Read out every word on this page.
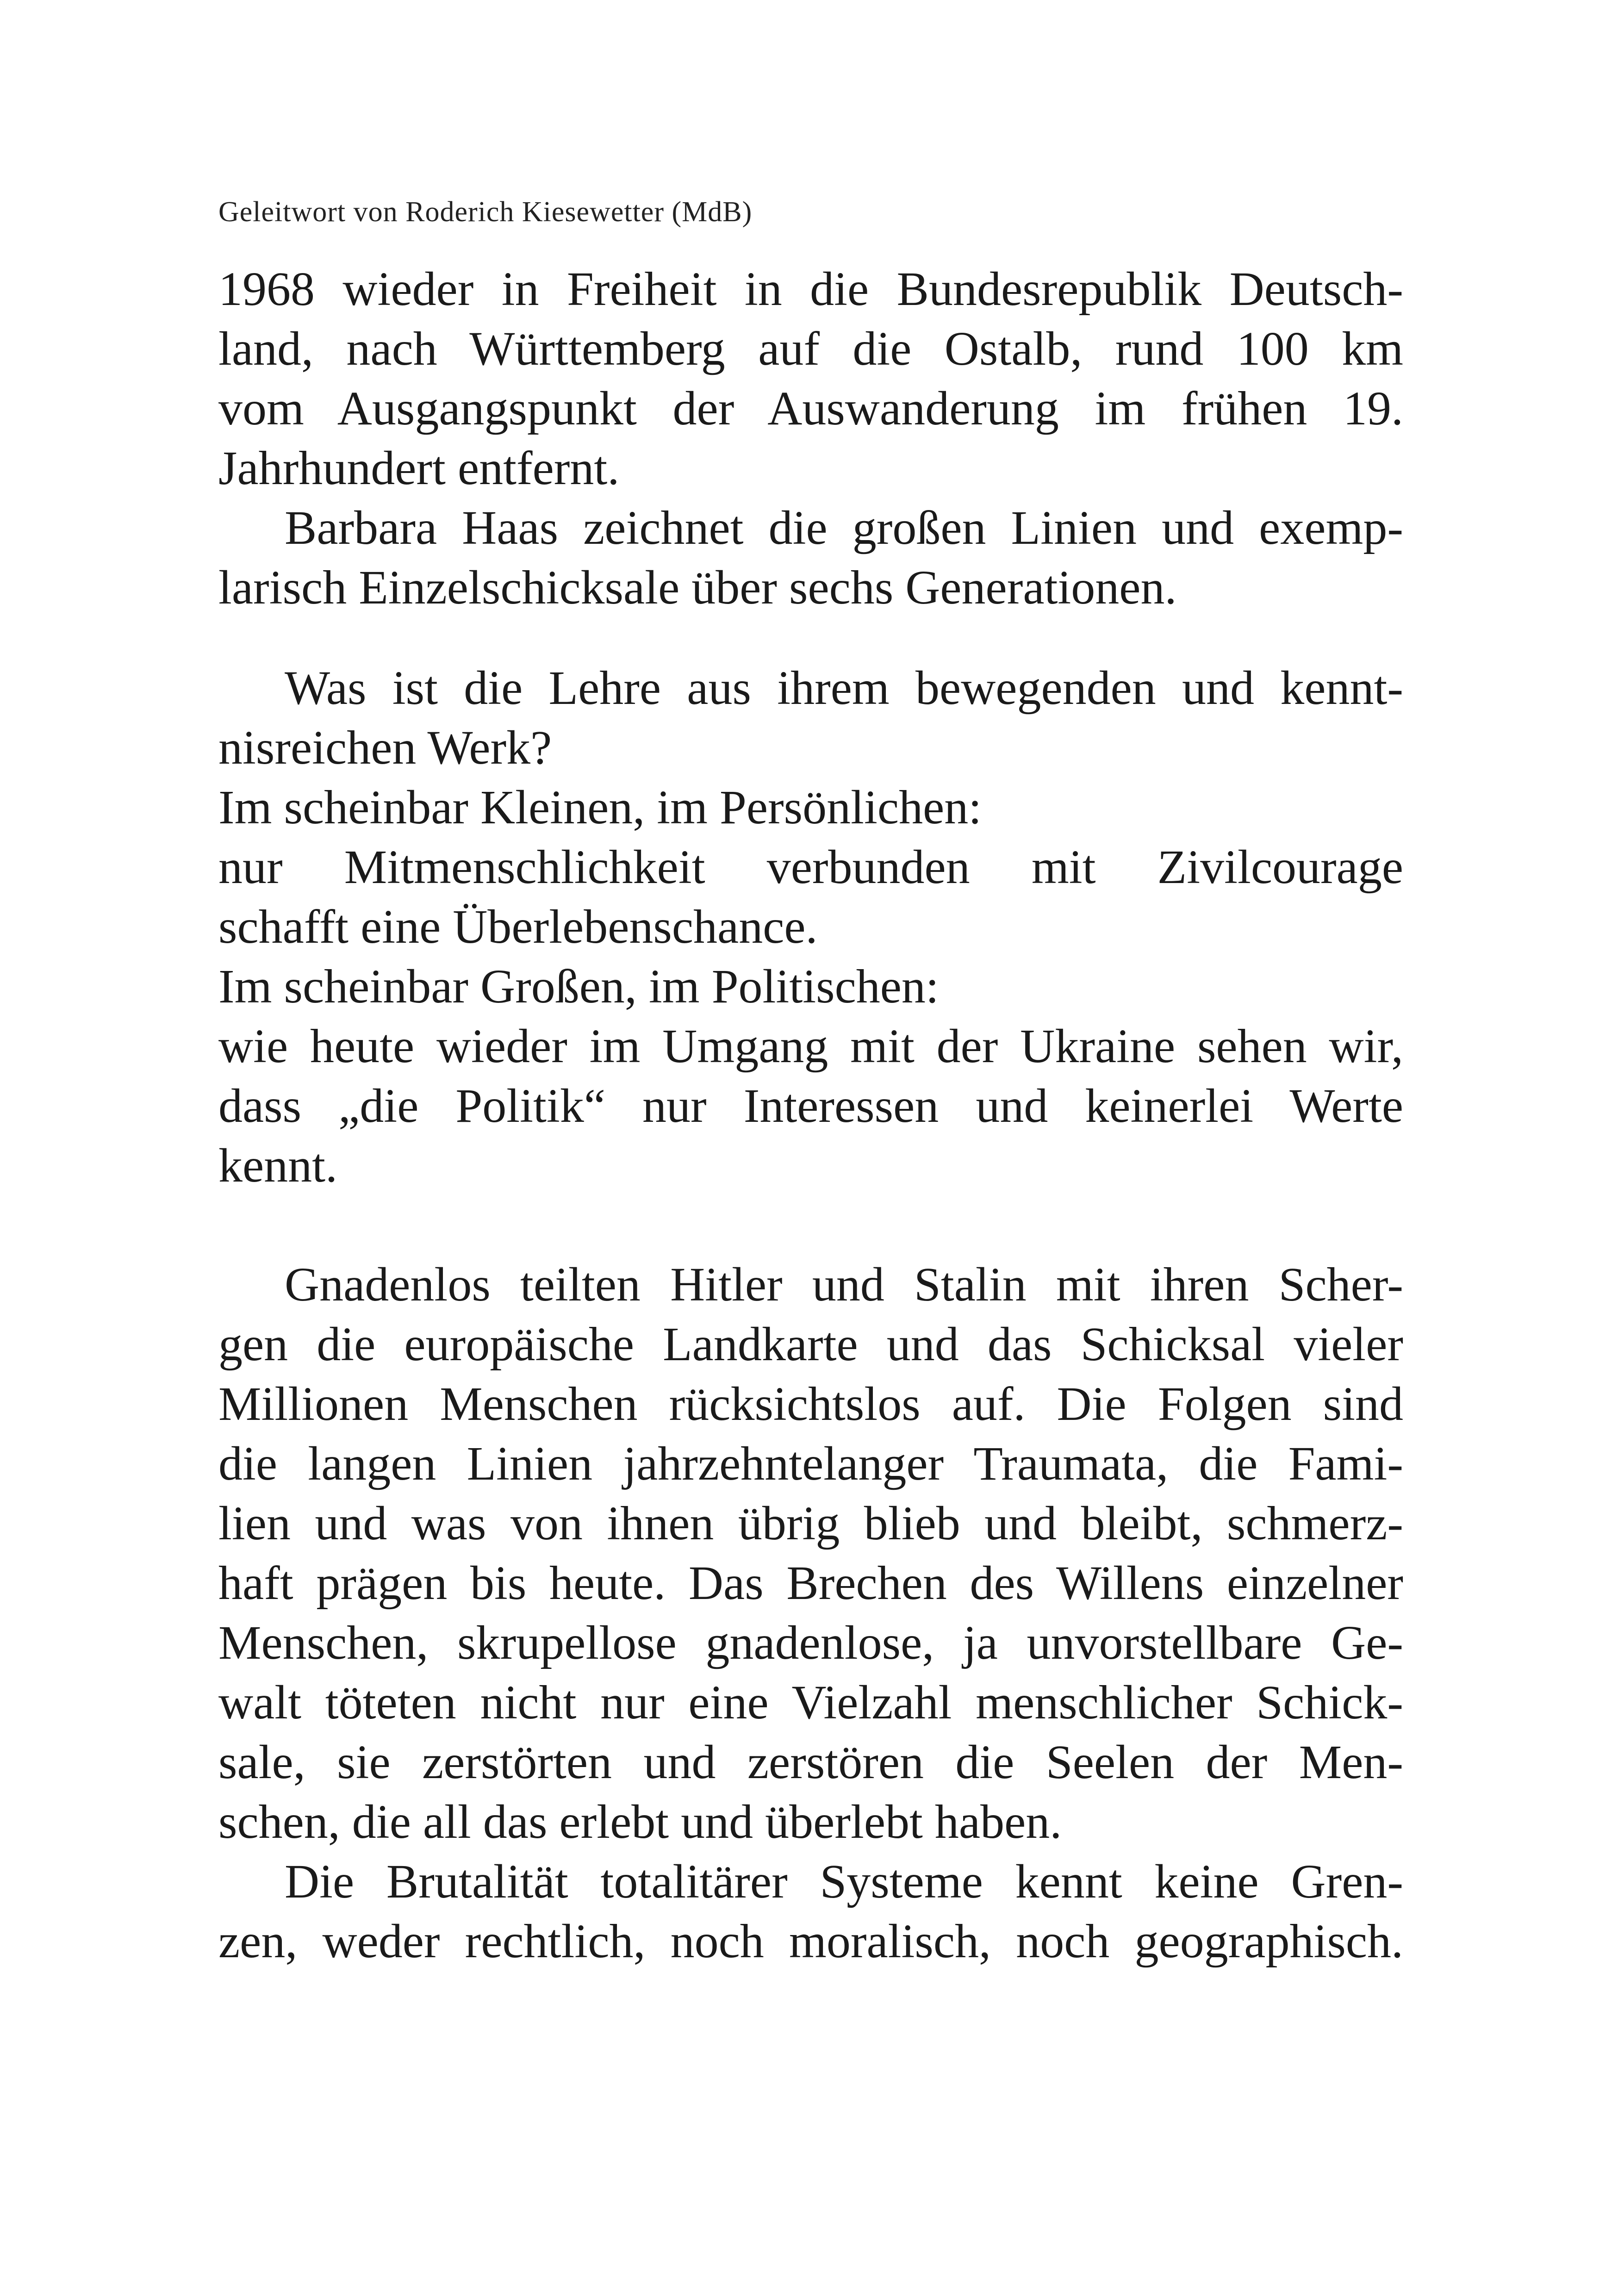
Geleitwort von Roderich Kiesewetter (MdB)
1968 wieder in Freiheit in die Bundesrepublik Deutsch-
land, nach Württemberg auf die Ostalb, rund 100 km
vom Ausgangspunkt der Auswanderung im frühen 19.
Jahrhundert entfernt.
Barbara Haas zeichnet die großen Linien und exemp-
larisch Einzelschicksale über sechs Generationen.
Was ist die Lehre aus ihrem bewegenden und kennt-
nisreichen Werk?
Im scheinbar Kleinen, im Persönlichen:
nur Mitmenschlichkeit verbunden mit Zivilcourage
schafft eine Überlebenschance.
Im scheinbar Großen, im Politischen:
wie heute wieder im Umgang mit der Ukraine sehen wir,
dass „die Politik“ nur Interessen und keinerlei Werte
kennt.
Gnadenlos teilten Hitler und Stalin mit ihren Scher-
gen die europäische Landkarte und das Schicksal vieler
Millionen Menschen rücksichtslos auf. Die Folgen sind
die langen Linien jahrzehntelanger Traumata, die Fami-
lien und was von ihnen übrig blieb und bleibt, schmerz-
haft prägen bis heute. Das Brechen des Willens einzelner
Menschen, skrupellose gnadenlose, ja unvorstellbare Ge-
walt töteten nicht nur eine Vielzahl menschlicher Schick-
sale, sie zerstörten und zerstören die Seelen der Men-
schen, die all das erlebt und überlebt haben.
Die Brutalität totalitärer Systeme kennt keine Gren-
zen, weder rechtlich, noch moralisch, noch geographisch.
